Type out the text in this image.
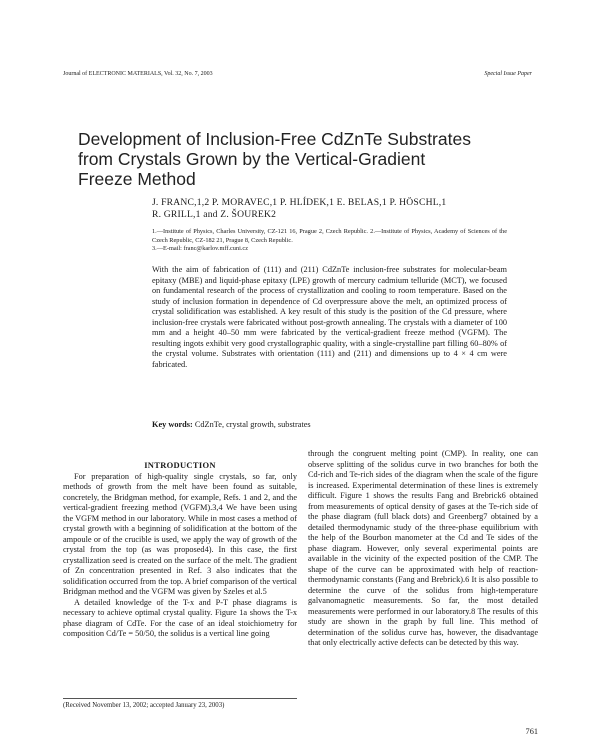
Journal of ELECTRONIC MATERIALS, Vol. 32, No. 7, 2003	Special Issue Paper
Development of Inclusion-Free CdZnTe Substrates
from Crystals Grown by the Vertical-Gradient
Freeze Method
J. FRANC,1,2 P. MORAVEC,1 P. HLÍDEK,1 E. BELAS,1 P. HÖSCHL,1
R. GRILL,1 and Z. ŠOUREK2
1.—Institute of Physics, Charles University, CZ-121 16, Prague 2, Czech Republic. 2.—Institute of Physics, Academy of Sciences of the Czech Republic, CZ-182 21, Prague 8, Czech Republic.
3.—E-mail: franc@karlov.mff.cuni.cz
With the aim of fabrication of (111) and (211) CdZnTe inclusion-free substrates for molecular-beam epitaxy (MBE) and liquid-phase epitaxy (LPE) growth of mercury cadmium telluride (MCT), we focused on fundamental research of the process of crystallization and cooling to room temperature. Based on the study of inclusion formation in dependence of Cd overpressure above the melt, an optimized process of crystal solidification was established. A key result of this study is the position of the Cd pressure, where inclusion-free crystals were fabricated without post-growth annealing. The crystals with a diameter of 100 mm and a height 40–50 mm were fabricated by the vertical-gradient freeze method (VGFM). The resulting ingots exhibit very good crystallographic quality, with a single-crystalline part filling 60–80% of the crystal volume. Substrates with orientation (111) and (211) and dimensions up to 4 × 4 cm were fabricated.
Key words: CdZnTe, crystal growth, substrates
INTRODUCTION

For preparation of high-quality single crystals, so far, only methods of growth from the melt have been found as suitable, concretely, the Bridgman method, for example, Refs. 1 and 2, and the vertical-gradient freezing method (VGFM).3,4 We have been using the VGFM method in our laboratory. While in most cases a method of crystal growth with a beginning of solidification at the bottom of the ampoule or of the crucible is used, we apply the way of growth of the crystal from the top (as was proposed4). In this case, the first crystallization seed is created on the surface of the melt. The gradient of Zn concentration presented in Ref. 3 also indicates that the solidification occurred from the top. A brief comparison of the vertical Bridgman method and the VGFM was given by Szeles et al.5

A detailed knowledge of the T-x and P-T phase diagrams is necessary to achieve optimal crystal quality. Figure 1a shows the T-x phase diagram of CdTe. For the case of an ideal stoichiometry for composition Cd/Te = 50/50, the solidus is a vertical line going

through the congruent melting point (CMP). In reality, one can observe splitting of the solidus curve in two branches for both the Cd-rich and Te-rich sides of the diagram when the scale of the figure is increased. Experimental determination of these lines is extremely difficult. Figure 1 shows the results Fang and Brebrick6 obtained from measurements of optical density of gases at the Te-rich side of the phase diagram (full black dots) and Greenberg7 obtained by a detailed thermodynamic study of the three-phase equilibrium with the help of the Bourbon manometer at the Cd and Te sides of the phase diagram. However, only several experimental points are available in the vicinity of the expected position of the CMP. The shape of the curve can be approximated with help of reaction-thermodynamic constants (Fang and Brebrick).6 It is also possible to determine the curve of the solidus from high-temperature galvanomagnetic measurements. So far, the most detailed measurements were performed in our laboratory.8 The results of this study are shown in the graph by full line. This method of determination of the solidus curve has, however, the disadvantage that only electrically active defects can be detected by this way.

(Received November 13, 2002; accepted January 23, 2003)
761
